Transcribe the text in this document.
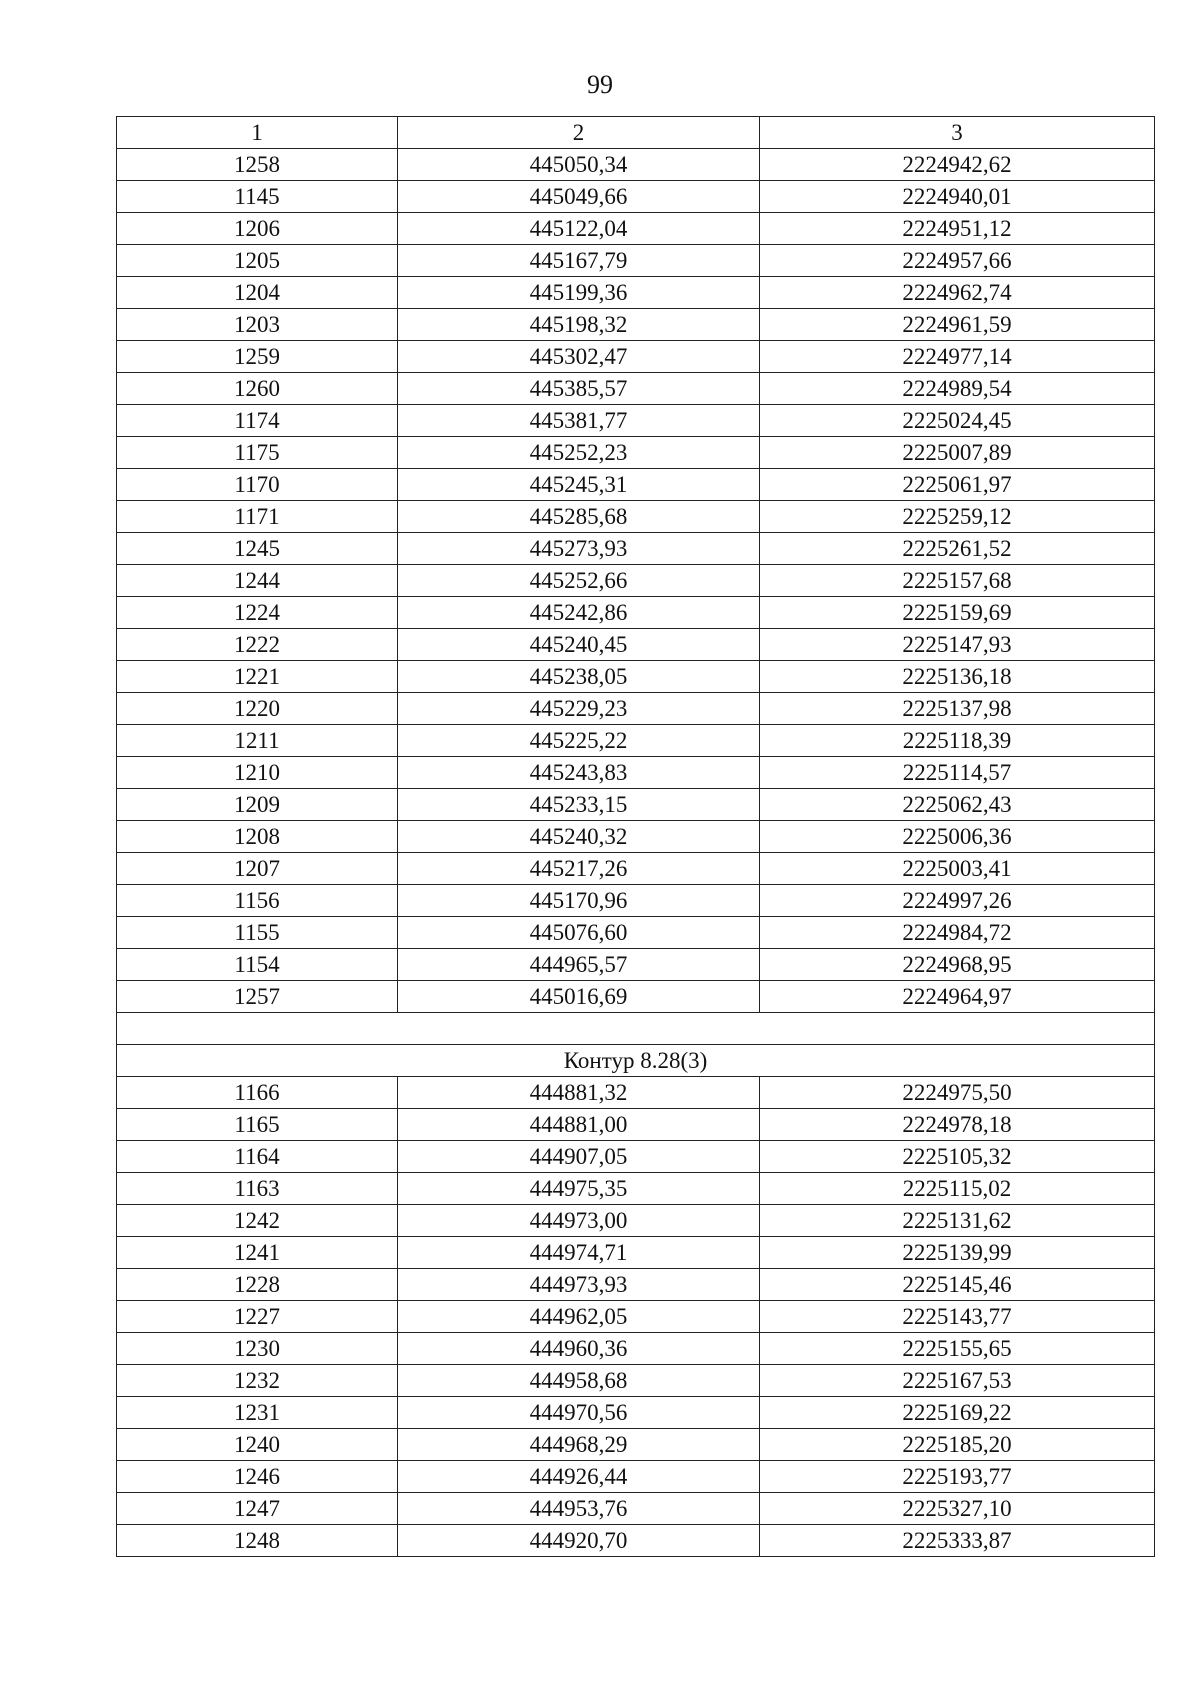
99
1	2	3
1258	445050,34	2224942,62
1145	445049,66	2224940,01
1206	445122,04	2224951,12
1205	445167,79	2224957,66
1204	445199,36	2224962,74
1203	445198,32	2224961,59
1259	445302,47	2224977,14
1260	445385,57	2224989,54
1174	445381,77	2225024,45
1175	445252,23	2225007,89
1170	445245,31	2225061,97
1171	445285,68	2225259,12
1245	445273,93	2225261,52
1244	445252,66	2225157,68
1224	445242,86	2225159,69
1222	445240,45	2225147,93
1221	445238,05	2225136,18
1220	445229,23	2225137,98
1211	445225,22	2225118,39
1210	445243,83	2225114,57
1209	445233,15	2225062,43
1208	445240,32	2225006,36
1207	445217,26	2225003,41
1156	445170,96	2224997,26
1155	445076,60	2224984,72
1154	444965,57	2224968,95
1257	445016,69	2224964,97

Контур 8.28(3)		
1166	444881,32	2224975,50
1165	444881,00	2224978,18
1164	444907,05	2225105,32
1163	444975,35	2225115,02
1242	444973,00	2225131,62
1241	444974,71	2225139,99
1228	444973,93	2225145,46
1227	444962,05	2225143,77
1230	444960,36	2225155,65
1232	444958,68	2225167,53
1231	444970,56	2225169,22
1240	444968,29	2225185,20
1246	444926,44	2225193,77
1247	444953,76	2225327,10
1248	444920,70	2225333,87
